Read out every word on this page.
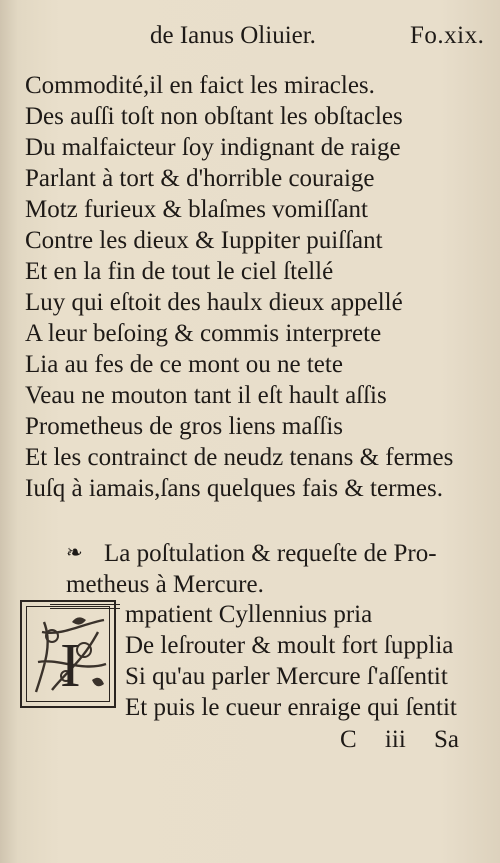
de Ianus Oliuier.	Fo.xix.
Commodité,il en faict les miracles.
Des auſſi toſt non obſtant les obſtacles
Du malfaicteur ſoy indignant de raige
Parlant à tort & d'horrible couraige
Motz furieux & blaſmes vomiſſant
Contre les dieux & Iuppiter puiſſant
Et en la fin de tout le ciel ſtellé
Luy qui eſtoit des haulx dieux appellé
A leur beſoing & commis interprete
Lia au fes de ce mont ou ne tete
Veau ne mouton tant il eſt hault aſſis
Prometheus de gros liens maſſis
Et les contrainct de neudz tenans & fermes
Iuſq à iamais,ſans quelques fais & termes.
❧ La poſtulation & requeſte de Pro-
metheus à Mercure.
I
mpatient Cyllennius pria
De leſrouter & moult fort ſupplia
Si qu'au parler Mercure ſ'aſſentit
Et puis le cueur enraige qui ſentit
C iii Sa
